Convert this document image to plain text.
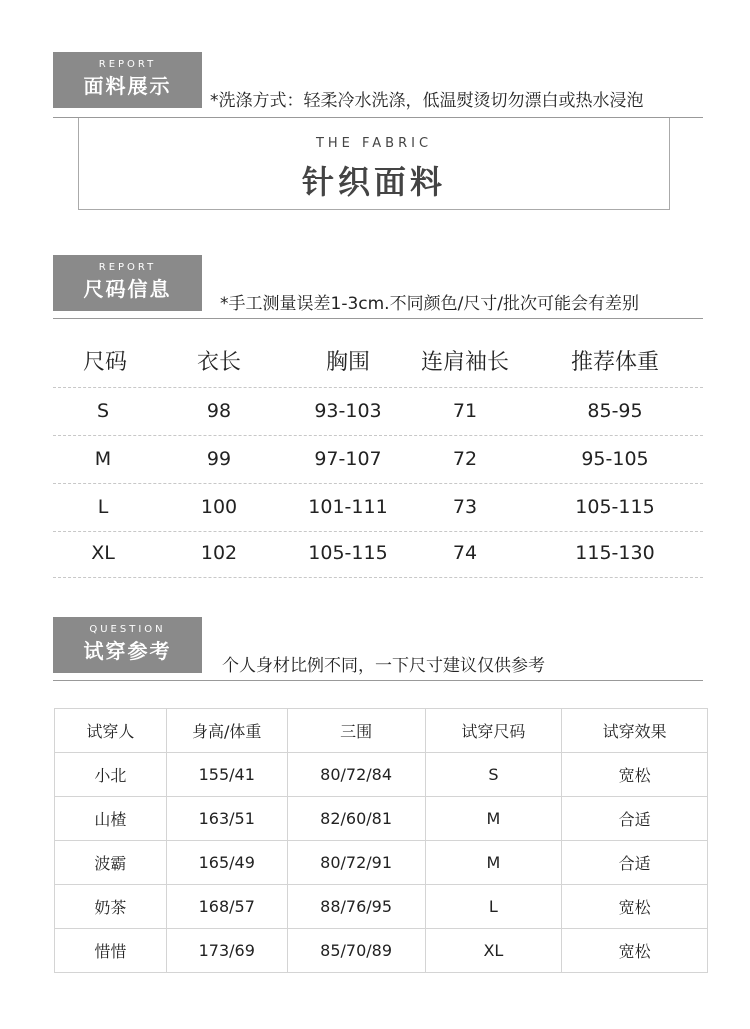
REPORT
面料展示
*洗涤方式：轻柔冷水洗涤，低温熨烫切勿漂白或热水浸泡
THE FABRIC
针织面料
REPORT
尺码信息
*手工测量误差1-3cm.不同颜色/尺寸/批次可能会有差别
尺码	衣长	胸围	连肩袖长	推荐体重
S	98	93-103	71	85-95
M	99	97-107	72	95-105
L	100	101-111	73	105-115
XL	102	105-115	74	115-130
QUESTION
试穿参考
个人身材比例不同，一下尺寸建议仅供参考
试穿人	身高/体重	三围	试穿尺码	试穿效果
小北	155/41	80/72/84	S	宽松
山楂	163/51	82/60/81	M	合适
波霸	165/49	80/72/91	M	合适
奶茶	168/57	88/76/95	L	宽松
惜惜	173/69	85/70/89	XL	宽松
